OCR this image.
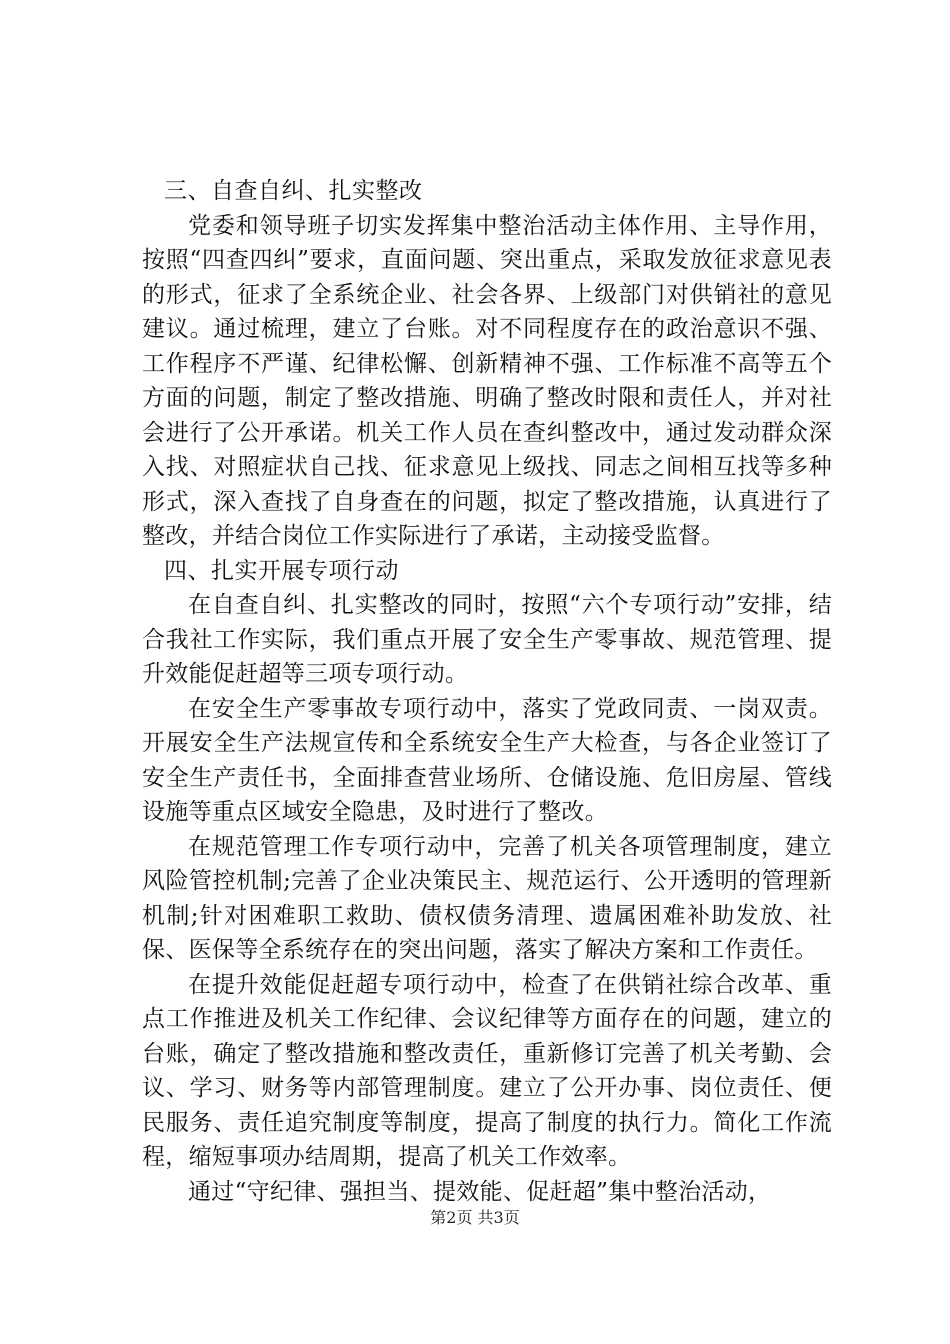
三、自查自纠、扎实整改

党委和领导班子切实发挥集中整治活动主体作用、主导作用，按照“四查四纠”要求，直面问题、突出重点，采取发放征求意见表的形式，征求了全系统企业、社会各界、上级部门对供销社的意见建议。通过梳理，建立了台账。对不同程度存在的政治意识不强、工作程序不严谨、纪律松懈、创新精神不强、工作标准不高等五个方面的问题，制定了整改措施、明确了整改时限和责任人，并对社会进行了公开承诺。机关工作人员在查纠整改中，通过发动群众深入找、对照症状自己找、征求意见上级找、同志之间相互找等多种形式，深入查找了自身查在的问题，拟定了整改措施，认真进行了整改，并结合岗位工作实际进行了承诺，主动接受监督。

四、扎实开展专项行动

在自查自纠、扎实整改的同时，按照“六个专项行动”安排，结合我社工作实际，我们重点开展了安全生产零事故、规范管理、提升效能促赶超等三项专项行动。

在安全生产零事故专项行动中，落实了党政同责、一岗双责。开展安全生产法规宣传和全系统安全生产大检查，与各企业签订了安全生产责任书，全面排查营业场所、仓储设施、危旧房屋、管线设施等重点区域安全隐患，及时进行了整改。

在规范管理工作专项行动中，完善了机关各项管理制度，建立风险管控机制;完善了企业决策民主、规范运行、公开透明的管理新机制;针对困难职工救助、债权债务清理、遗属困难补助发放、社保、医保等全系统存在的突出问题，落实了解决方案和工作责任。

在提升效能促赶超专项行动中，检查了在供销社综合改革、重点工作推进及机关工作纪律、会议纪律等方面存在的问题，建立的台账，确定了整改措施和整改责任，重新修订完善了机关考勤、会议、学习、财务等内部管理制度。建立了公开办事、岗位责任、便民服务、责任追究制度等制度，提高了制度的执行力。简化工作流程，缩短事项办结周期，提高了机关工作效率。

通过“守纪律、强担当、提效能、促赶超”集中整治活动，

第2页 共3页
